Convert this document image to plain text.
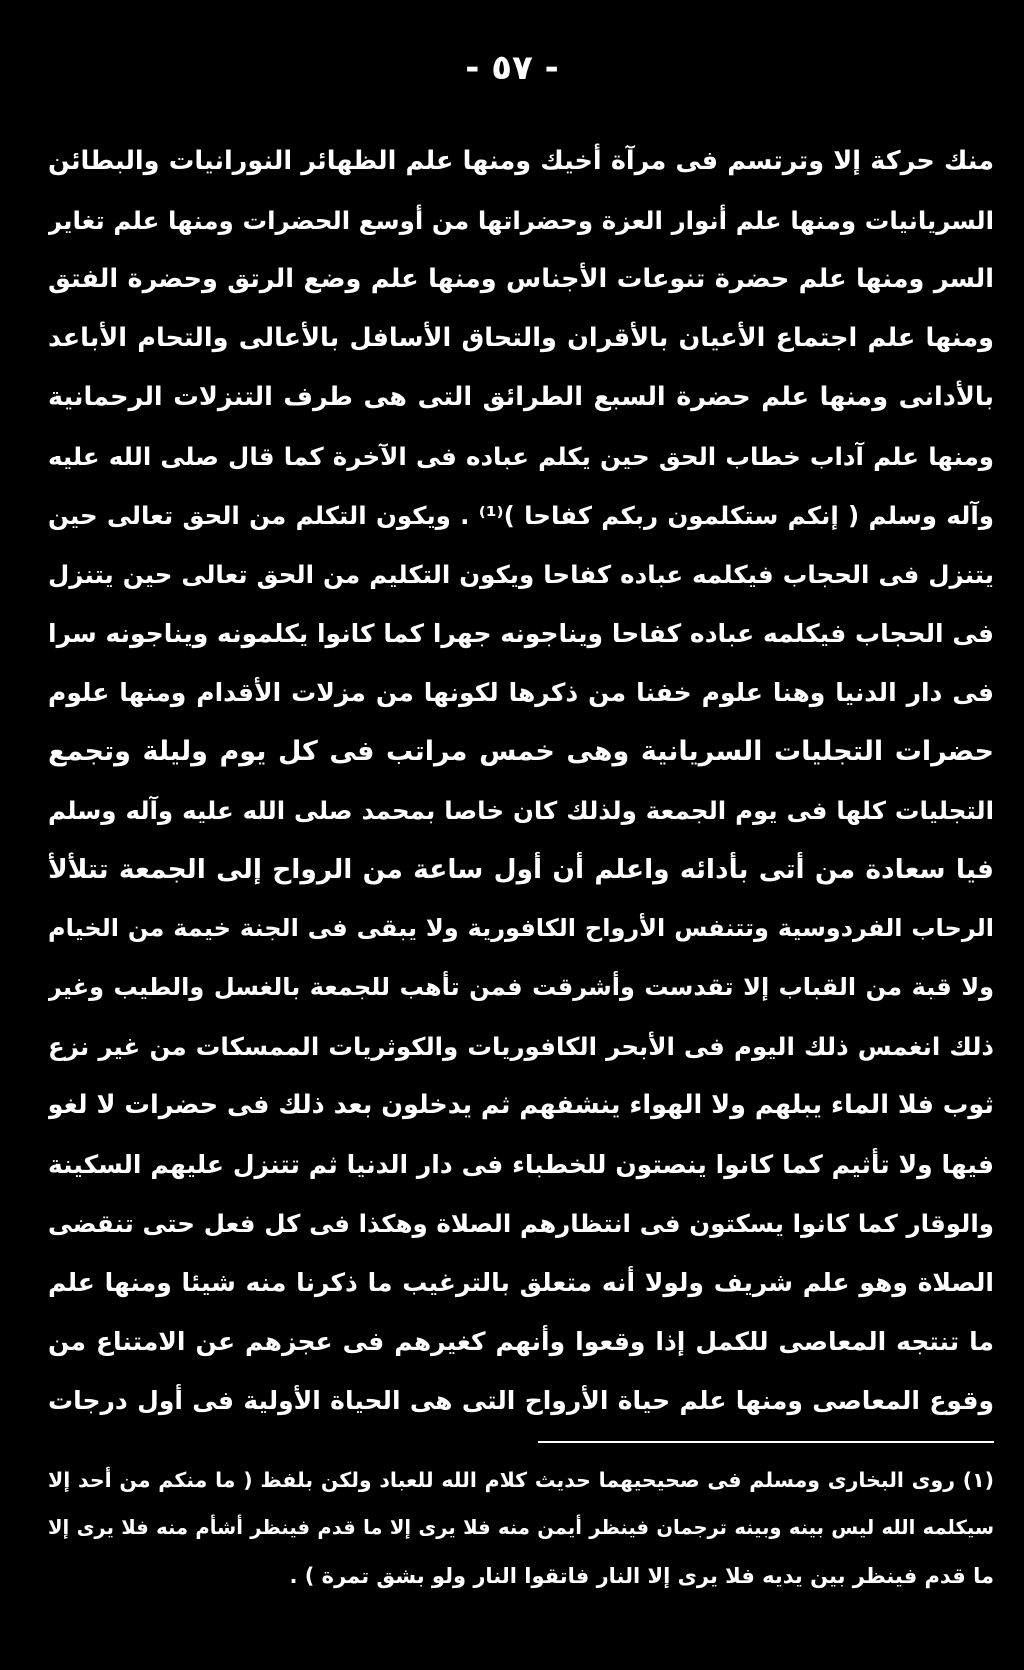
- ٥٧ -
منك حركة إلا وترتسم فى مرآة أخيك ومنها علم الظهائر النورانيات والبطائن
السريانيات ومنها علم أنوار العزة وحضراتها من أوسع الحضرات ومنها علم تغاير
السر ومنها علم حضرة تنوعات الأجناس ومنها علم وضع الرتق وحضرة الفتق
ومنها علم اجتماع الأعيان بالأقران والتحاق الأسافل بالأعالى والتحام الأباعد
بالأدانى ومنها علم حضرة السبع الطرائق التى هى طرف التنزلات الرحمانية
ومنها علم آداب خطاب الحق حين يكلم عباده فى الآخرة كما قال صلى الله عليه
وآله وسلم ( إنكم ستكلمون ربكم كفاحا )⁽¹⁾ . ويكون التكلم من الحق تعالى حين
يتنزل فى الحجاب فيكلمه عباده كفاحا ويكون التكليم من الحق تعالى حين يتنزل
فى الحجاب فيكلمه عباده كفاحا ويناجونه جهرا كما كانوا يكلمونه ويناجونه سرا
فى دار الدنيا وهنا علوم خفنا من ذكرها لكونها من مزلات الأقدام ومنها علوم
حضرات التجليات السريانية وهى خمس مراتب فى كل يوم وليلة وتجمع
التجليات كلها فى يوم الجمعة ولذلك كان خاصا بمحمد صلى الله عليه وآله وسلم
فيا سعادة من أتى بأدائه واعلم أن أول ساعة من الرواح إلى الجمعة تتلألأ
الرحاب الفردوسية وتتنفس الأرواح الكافورية ولا يبقى فى الجنة خيمة من الخيام
ولا قبة من القباب إلا تقدست وأشرقت فمن تأهب للجمعة بالغسل والطيب وغير
ذلك انغمس ذلك اليوم فى الأبحر الكافوريات والكوثريات الممسكات من غير نزع
ثوب فلا الماء يبلهم ولا الهواء ينشفهم ثم يدخلون بعد ذلك فى حضرات لا لغو
فيها ولا تأثيم كما كانوا ينصتون للخطباء فى دار الدنيا ثم تتنزل عليهم السكينة
والوقار كما كانوا يسكتون فى انتظارهم الصلاة وهكذا فى كل فعل حتى تنقضى
الصلاة وهو علم شريف ولولا أنه متعلق بالترغيب ما ذكرنا منه شيئا ومنها علم
ما تنتجه المعاصى للكمل إذا وقعوا وأنهم كغيرهم فى عجزهم عن الامتناع من
وقوع المعاصى ومنها علم حياة الأرواح التى هى الحياة الأولية فى أول درجات
(١) روى البخارى ومسلم فى صحيحيهما حديث كلام الله للعباد ولكن بلفظ ( ما منكم من أحد إلا
سيكلمه الله ليس بينه وبينه ترجمان فينظر أيمن منه فلا يرى إلا ما قدم فينظر أشأم منه فلا يرى إلا
ما قدم فينظر بين يديه فلا يرى إلا النار فاتقوا النار ولو بشق تمرة ) .
